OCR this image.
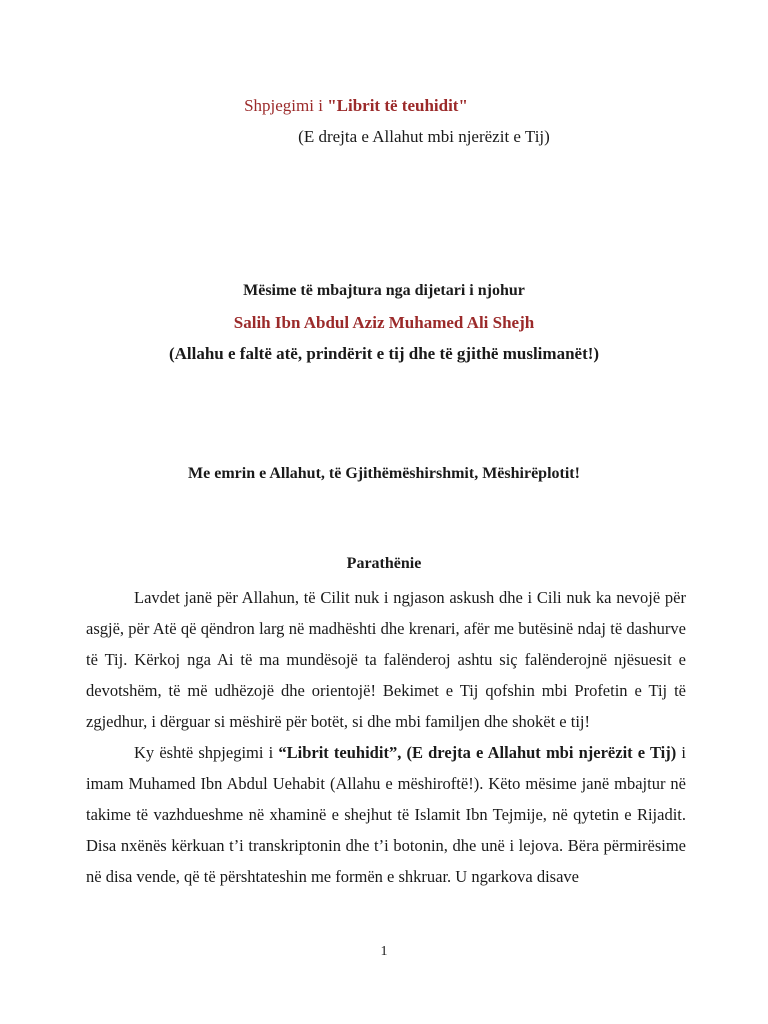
Shpjegimi i "Librit të teuhidit"

(E drejta e Allahut mbi njerëzit e Tij)

Mësime të mbajtura nga dijetari i njohur

Salih Ibn Abdul Aziz Muhamed Ali Shejh

(Allahu e faltë atë, prindërit e tij dhe të gjithë muslimanët!)

Me emrin e Allahut, të Gjithëmëshirshmit, Mëshirëplotit!

Parathënie

Lavdet janë për Allahun, të Cilit nuk i ngjason askush dhe i Cili nuk ka nevojë për asgjë, për Atë që qëndron larg në madhështi dhe krenari, afër me butësinë ndaj të dashurve të Tij. Kërkoj nga Ai të ma mundësojë ta falënderoj ashtu siç falënderojnë njësuesit e devotshëm, të më udhëzojë dhe orientojë! Bekimet e Tij qofshin mbi Profetin e Tij të zgjedhur, i dërguar si mëshirë për botët, si dhe mbi familjen dhe shokët e tij!

Ky është shpjegimi i “Librit teuhidit”, (E drejta e Allahut mbi njerëzit e Tij) i imam Muhamed Ibn Abdul Uehabit (Allahu e mëshiroftë!). Këto mësime janë mbajtur në takime të vazhdueshme në xhaminë e shejhut të Islamit Ibn Tejmije, në qytetin e Rijadit. Disa nxënës kërkuan t’i transkriptonin dhe t’i botonin, dhe unë i lejova. Bëra përmirësime në disa vende, që të përshtateshin me formën e shkruar. U ngarkova disave

1
